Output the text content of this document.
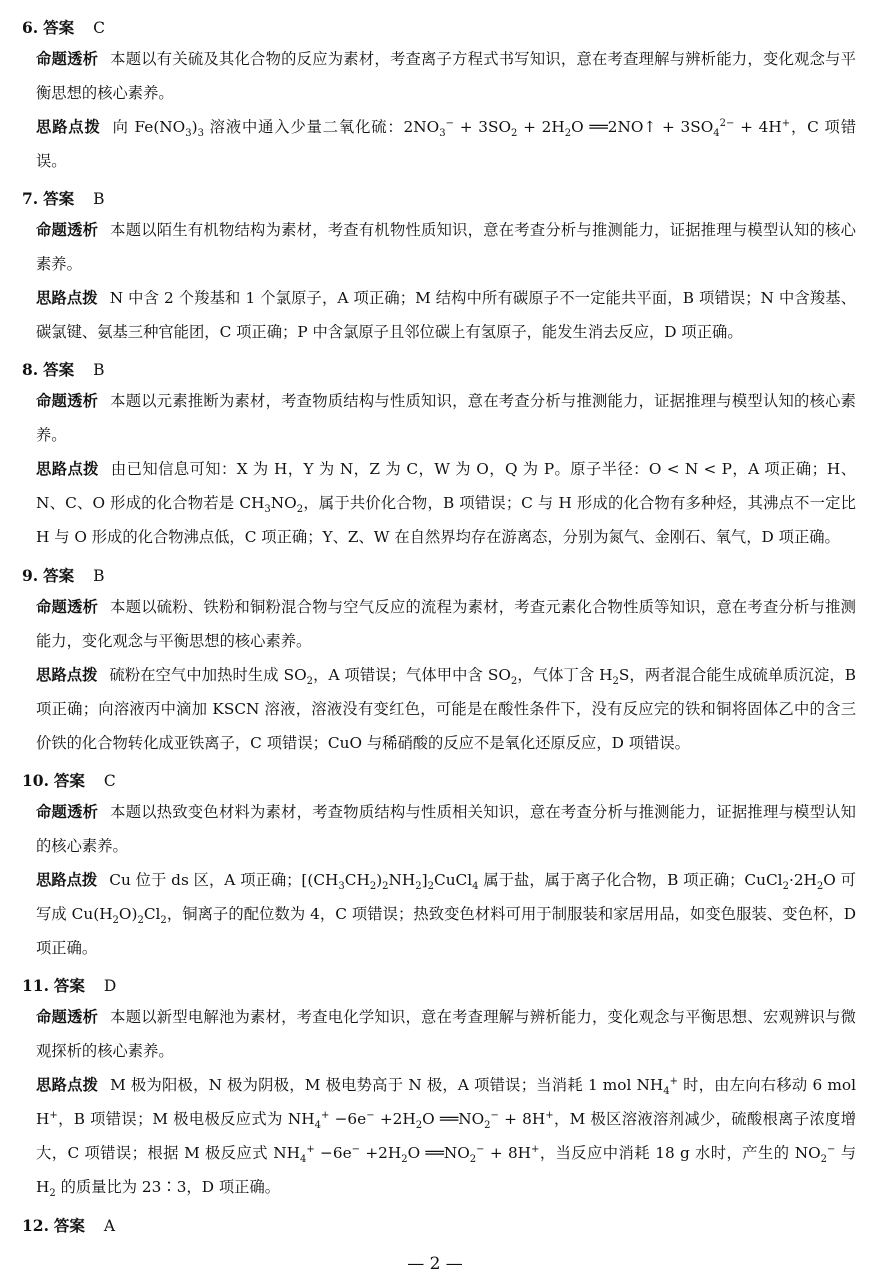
6. 答案 C

命题透析 本题以有关硫及其化合物的反应为素材，考查离子方程式书写知识，意在考查理解与辨析能力，变化观念与平衡思想的核心素养。

思路点拨 向 $Fe(NO_3)_3$ 溶液中通入少量二氧化硫：$2NO_3^- + 3SO_2 + 2H_2O$ ══2NO↑ + $3SO_4^{2-} + 4H^+$，C 项错误。

7. 答案 B

命题透析 本题以陌生有机物结构为素材，考查有机物性质知识，意在考查分析与推测能力，证据推理与模型认知的核心素养。

思路点拨 N 中含 2 个羧基和 1 个氯原子，A 项正确；M 结构中所有碳原子不一定能共平面，B 项错误；N 中含羧基、碳氯键、氨基三种官能团，C 项正确；P 中含氯原子且邻位碳上有氢原子，能发生消去反应，D 项正确。

8. 答案 B

命题透析 本题以元素推断为素材，考查物质结构与性质知识，意在考查分析与推测能力，证据推理与模型认知的核心素养。

思路点拨 由已知信息可知：X 为 H，Y 为 N，Z 为 C，W 为 O，Q 为 P。原子半径：O < N < P，A 项正确；H、N、C、O 形成的化合物若是 $CH_3NO_2$，属于共价化合物，B 项错误；C 与 H 形成的化合物有多种烃，其沸点不一定比 H 与 O 形成的化合物沸点低，C 项正确；Y、Z、W 在自然界均存在游离态，分别为氮气、金刚石、氧气，D 项正确。

9. 答案 B

命题透析 本题以硫粉、铁粉和铜粉混合物与空气反应的流程为素材，考查元素化合物性质等知识，意在考查分析与推测能力，变化观念与平衡思想的核心素养。

思路点拨 硫粉在空气中加热时生成 $SO_2$，A 项错误；气体甲中含 $SO_2$，气体丁含 $H_2S$，两者混合能生成硫单质沉淀，B 项正确；向溶液丙中滴加 KSCN 溶液，溶液没有变红色，可能是在酸性条件下，没有反应完的铁和铜将固体乙中的含三价铁的化合物转化成亚铁离子，C 项错误；CuO 与稀硝酸的反应不是氧化还原反应，D 项错误。

10. 答案 C

命题透析 本题以热致变色材料为素材，考查物质结构与性质相关知识，意在考查分析与推测能力，证据推理与模型认知的核心素养。

思路点拨 Cu 位于 ds 区，A 项正确；$[(CH_3CH_2)_2NH_2]_2CuCl_4$ 属于盐，属于离子化合物，B 项正确；$CuCl_2\cdot 2H_2O$ 可写成 $Cu(H_2O)_2Cl_2$，铜离子的配位数为 4，C 项错误；热致变色材料可用于制服装和家居用品，如变色服装、变色杯，D 项正确。

11. 答案 D

命题透析 本题以新型电解池为素材，考查电化学知识，意在考查理解与辨析能力，变化观念与平衡思想、宏观辨识与微观探析的核心素养。

思路点拨 M 极为阳极，N 极为阴极，M 极电势高于 N 极，A 项错误；当消耗 1 mol $NH_4^+$ 时，由左向右移动 6 mol H+，B 项错误；M 极电极反应式为 $NH_4^+ -6e^- +2H_2O$ $══NO_2^- + 8H^+$，M 极区溶液溶剂减少，硫酸根离子浓度增大，C 项错误；根据 M 极反应式 $NH_4^+ -6e^- +2H_2O$ $══NO_2^- + 8H^+$，当反应中消耗 18 g 水时，产生的 $NO_2^-$ 与 $H_2$ 的质量比为 23∶3，D 项正确。

12. 答案 A
— 2 —
